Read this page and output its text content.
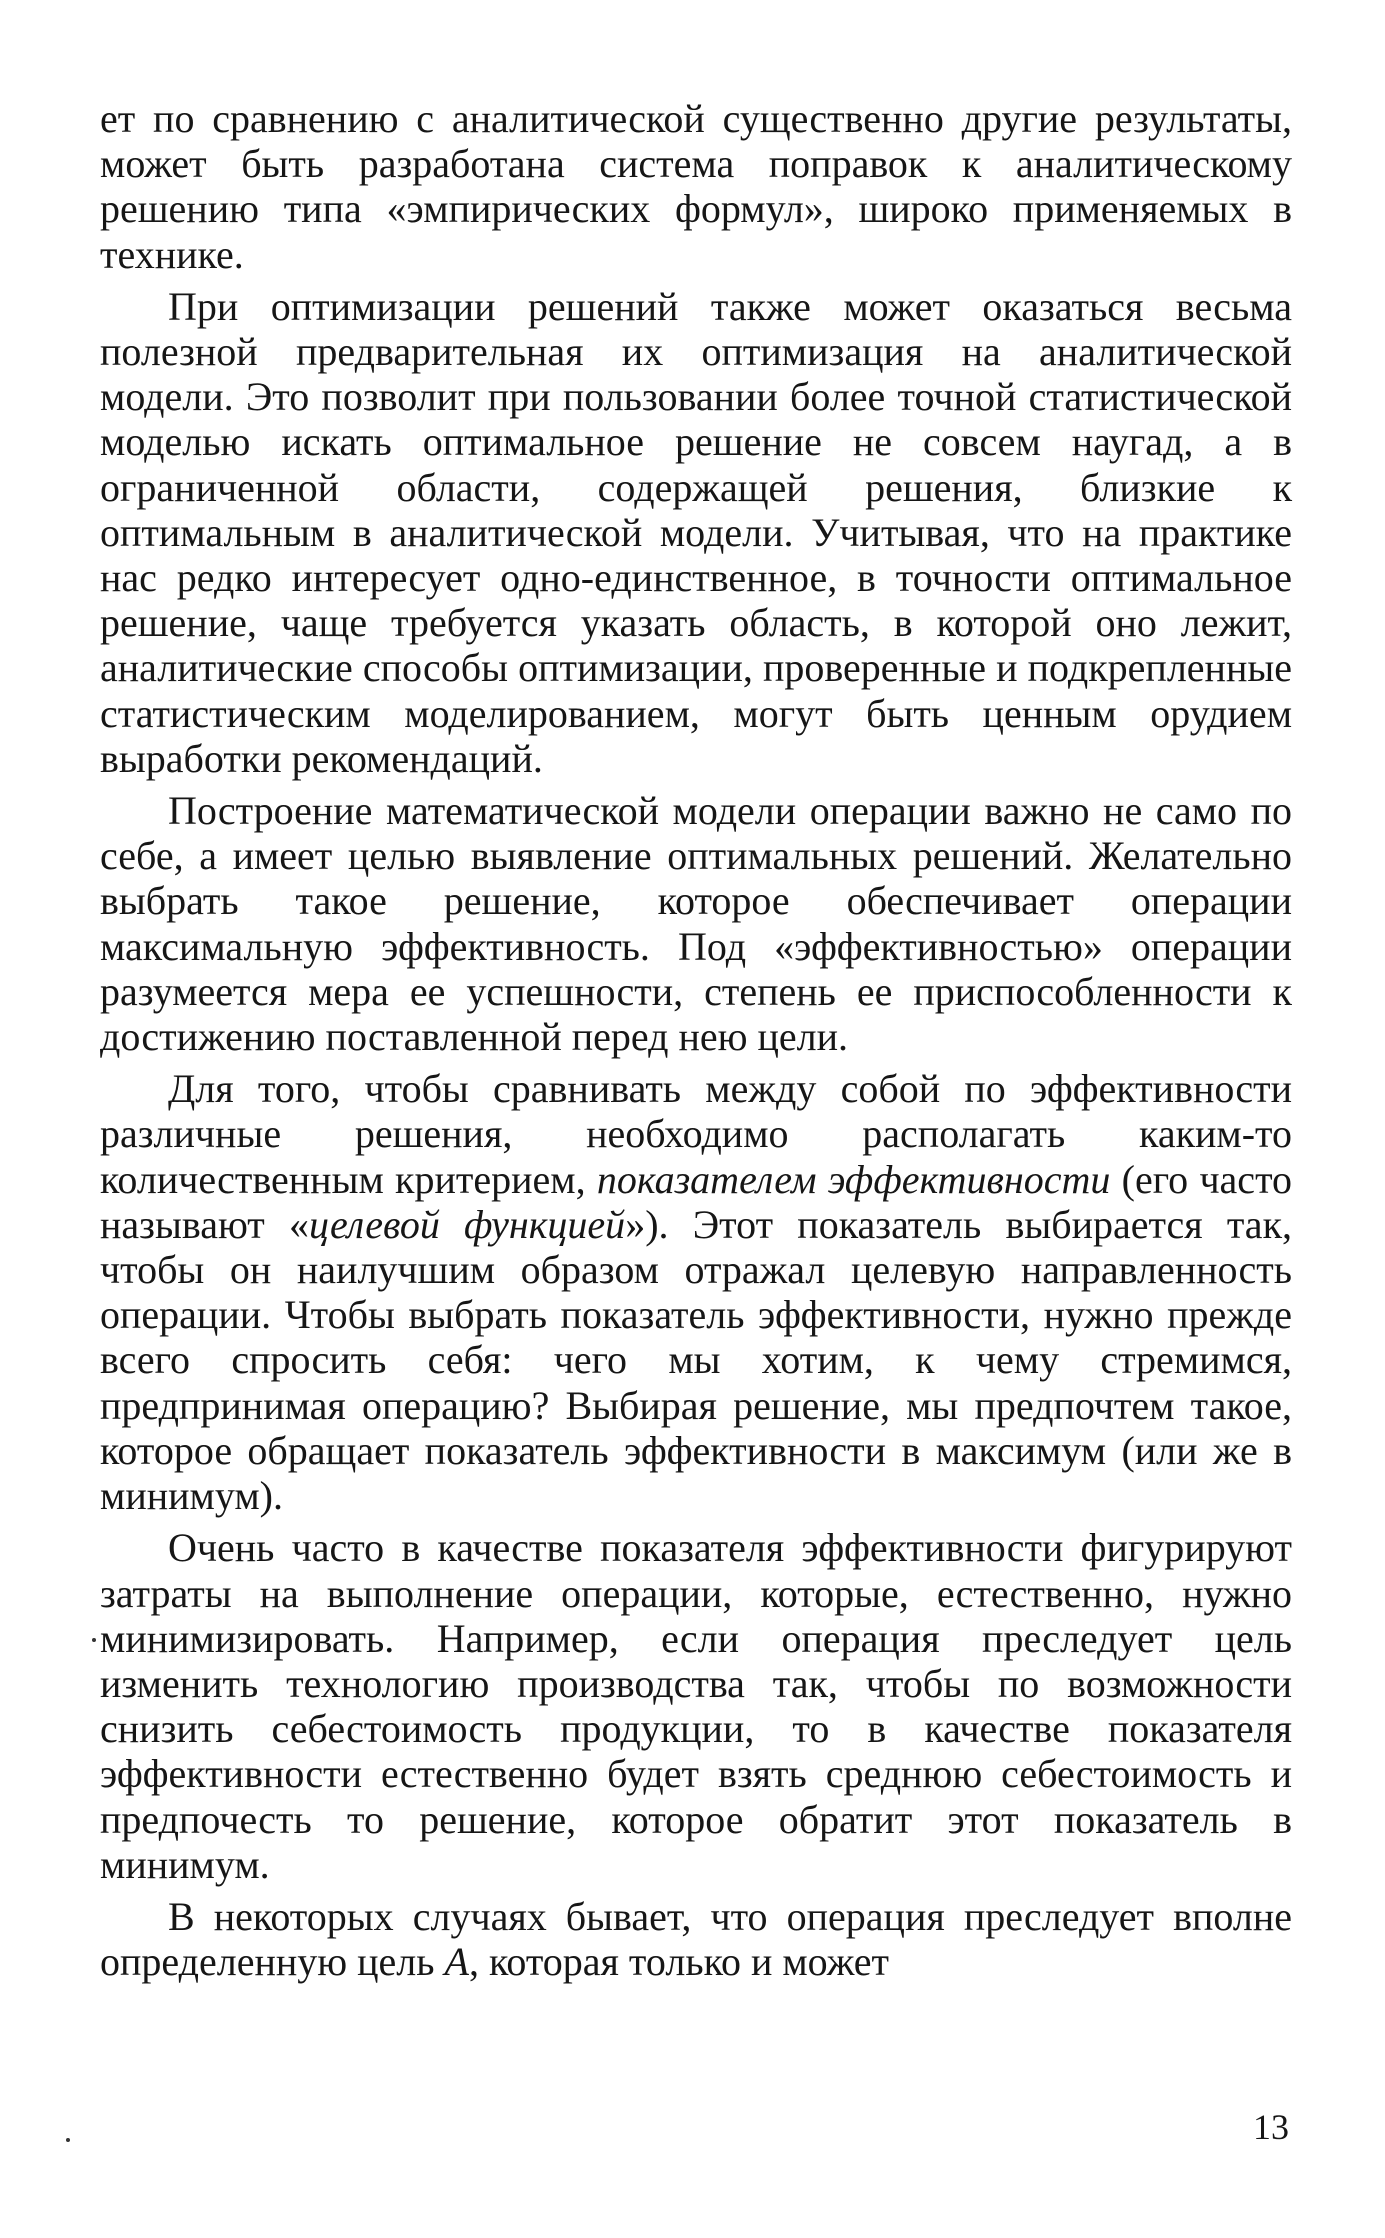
ет по сравнению с аналитической существенно другие результаты, может быть разработана система поправок к аналитическому решению типа «эмпирических формул», широко применяемых в технике.

При оптимизации решений также может оказаться весьма полезной предварительная их оптимизация на аналитической модели. Это позволит при пользовании более точной статистической моделью искать оптимальное решение не совсем наугад, а в ограниченной области, содержащей решения, близкие к оптимальным в аналитической модели. Учитывая, что на практике нас редко интересует одно-единственное, в точности оптимальное решение, чаще требуется указать область, в которой оно лежит, аналитические способы оптимизации, проверенные и подкрепленные статистическим моделированием, могут быть ценным орудием выработки рекомендаций.

Построение математической модели операции важно не само по себе, а имеет целью выявление оптимальных решений. Желательно выбрать такое решение, которое обеспечивает операции максимальную эффективность. Под «эффективностью» операции разумеется мера ее успешности, степень ее приспособленности к достижению поставленной перед нею цели.

Для того, чтобы сравнивать между собой по эффективности различные решения, необходимо располагать каким-то количественным критерием, показателем эффективности (его часто называют «целевой функцией»). Этот показатель выбирается так, чтобы он наилучшим образом отражал целевую направленность операции. Чтобы выбрать показатель эффективности, нужно прежде всего спросить себя: чего мы хотим, к чему стремимся, предпринимая операцию? Выбирая решение, мы предпочтем такое, которое обращает показатель эффективности в максимум (или же в минимум).

Очень часто в качестве показателя эффективности фигурируют затраты на выполнение операции, которые, естественно, нужно минимизировать. Например, если операция преследует цель изменить технологию производства так, чтобы по возможности снизить себестоимость продукции, то в качестве показателя эффективности естественно будет взять среднюю себестоимость и предпочесть то решение, которое обратит этот показатель в минимум.

В некоторых случаях бывает, что операция преследует вполне определенную цель A, которая только и может

13
